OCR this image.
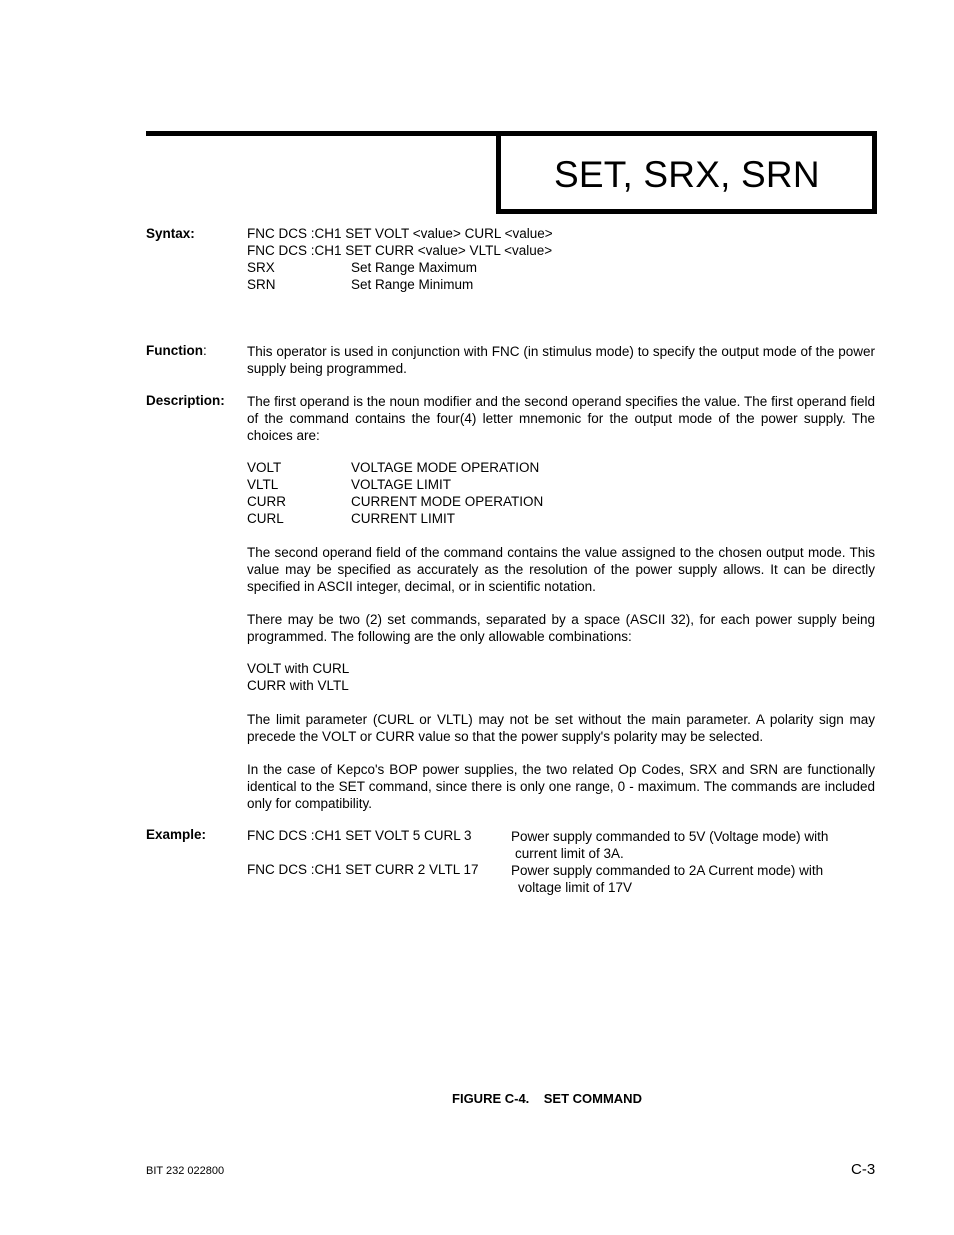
SET, SRX, SRN
Syntax:	FNC DCS :CH1 SET VOLT <value> CURL <value>
FNC DCS :CH1 SET CURR <value> VLTL <value>
SRX	Set Range Maximum
SRN	Set Range Minimum
Function:	This operator is used in conjunction with FNC (in stimulus mode) to specify the output mode of the power supply being programmed.
Description: The first operand is the noun modifier and the second operand specifies the value. The first operand field of the command contains the four(4) letter mnemonic for the output mode of the power supply. The choices are:
VOLT	VOLTAGE MODE OPERATION
VLTL	VOLTAGE LIMIT
CURR	CURRENT MODE OPERATION
CURL	CURRENT LIMIT
The second operand field of the command contains the value assigned to the chosen output mode. This value may be specified as accurately as the resolution of the power supply allows. It can be directly specified in ASCII integer, decimal, or in scientific notation.
There may be two (2) set commands, separated by a space (ASCII 32), for each power supply being programmed. The following are the only allowable combinations:
VOLT with CURL
CURR with VLTL
The limit parameter (CURL or VLTL) may not be set without the main parameter. A polarity sign may precede the VOLT or CURR value so that the power supply's polarity may be selected.
In the case of Kepco's BOP power supplies, the two related Op Codes, SRX and SRN are functionally identical to the SET command, since there is only one range, 0 - maximum. The commands are included only for compatibility.
Example:	FNC DCS :CH1 SET VOLT 5 CURL 3	Power supply commanded to 5V (Voltage mode) with
current limit of 3A.
FNC DCS :CH1 SET CURR 2 VLTL 17 Power supply commanded to 2A Current mode) with
voltage limit of 17V
FIGURE C-4.    SET COMMAND
BIT 232 022800	C-3
